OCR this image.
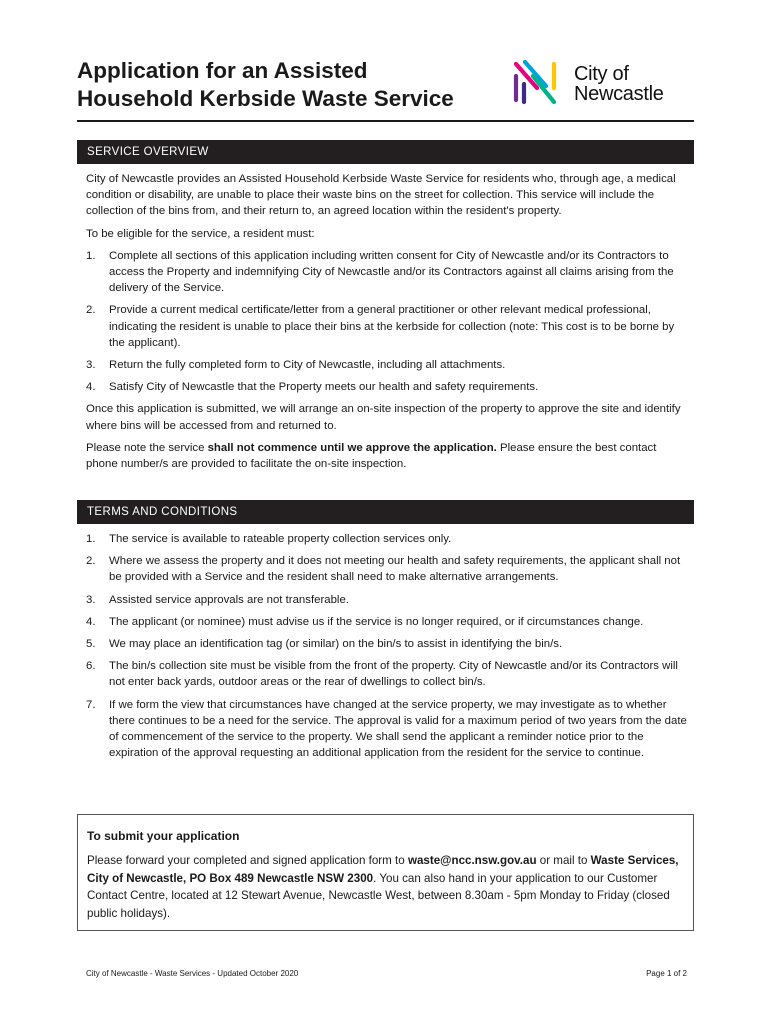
Application for an Assisted
Household Kerbside Waste Service
City of
Newcastle
SERVICE OVERVIEW

City of Newcastle provides an Assisted Household Kerbside Waste Service for residents who, through age, a medical condition or disability, are unable to place their waste bins on the street for collection. This service will include the collection of the bins from, and their return to, an agreed location within the resident's property.

To be eligible for the service, a resident must:

1. Complete all sections of this application including written consent for City of Newcastle and/or its Contractors to access the Property and indemnifying City of Newcastle and/or its Contractors against all claims arising from the delivery of the Service.
2. Provide a current medical certificate/letter from a general practitioner or other relevant medical professional, indicating the resident is unable to place their bins at the kerbside for collection (note: This cost is to be borne by the applicant).
3. Return the fully completed form to City of Newcastle, including all attachments.
4. Satisfy City of Newcastle that the Property meets our health and safety requirements.

Once this application is submitted, we will arrange an on-site inspection of the property to approve the site and identify where bins will be accessed from and returned to.

Please note the service shall not commence until we approve the application. Please ensure the best contact phone number/s are provided to facilitate the on-site inspection.

TERMS AND CONDITIONS
1. The service is available to rateable property collection services only.
2. Where we assess the property and it does not meeting our health and safety requirements, the applicant shall not be provided with a Service and the resident shall need to make alternative arrangements.
3. Assisted service approvals are not transferable.
4. The applicant (or nominee) must advise us if the service is no longer required, or if circumstances change.
5. We may place an identification tag (or similar) on the bin/s to assist in identifying the bin/s.
6. The bin/s collection site must be visible from the front of the property. City of Newcastle and/or its Contractors will not enter back yards, outdoor areas or the rear of dwellings to collect bin/s.
7. If we form the view that circumstances have changed at the service property, we may investigate as to whether there continues to be a need for the service. The approval is valid for a maximum period of two years from the date of commencement of the service to the property. We shall send the applicant a reminder notice prior to the expiration of the approval requesting an additional application from the resident for the service to continue.
To submit your application

Please forward your completed and signed application form to waste@ncc.nsw.gov.au or mail to Waste Services, City of Newcastle, PO Box 489 Newcastle NSW 2300. You can also hand in your application to our Customer Contact Centre, located at 12 Stewart Avenue, Newcastle West, between 8.30am - 5pm Monday to Friday (closed public holidays).

City of Newcastle - Waste Services - Updated October 2020	Page 1 of 2
